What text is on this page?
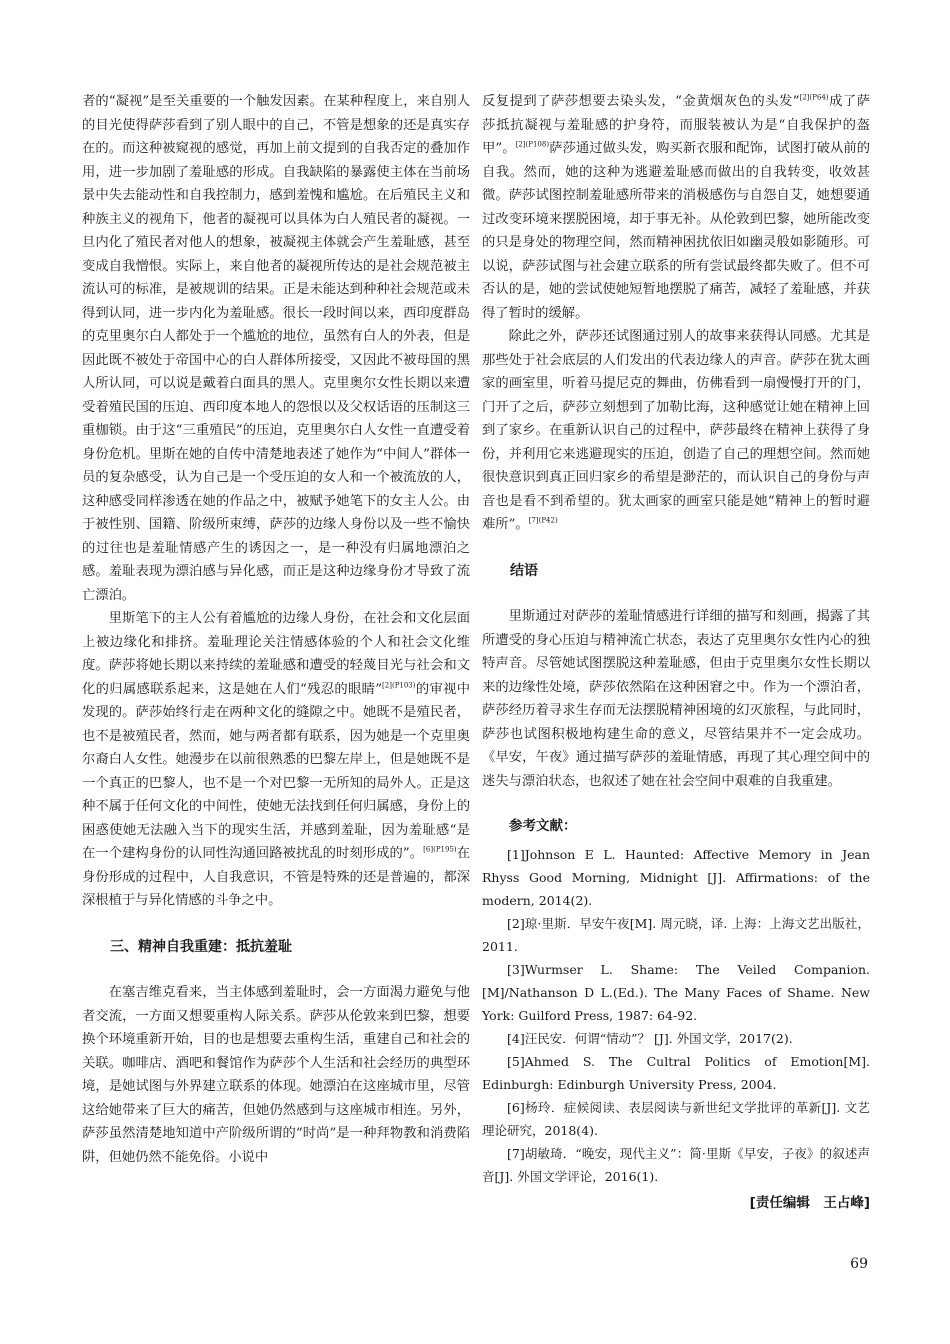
者的“凝视”是至关重要的一个触发因素。在某种程度上，来自别人的目光使得萨莎看到了别人眼中的自己，不管是想象的还是真实存在的。而这种被窥视的感觉，再加上前文提到的自我否定的叠加作用，进一步加剧了羞耻感的形成。自我缺陷的暴露使主体在当前场景中失去能动性和自我控制力，感到羞愧和尴尬。在后殖民主义和种族主义的视角下，他者的凝视可以具体为白人殖民者的凝视。一旦内化了殖民者对他人的想象，被凝视主体就会产生羞耻感，甚至变成自我憎恨。实际上，来自他者的凝视所传达的是社会规范被主流认可的标准，是被规训的结果。正是未能达到种种社会规范或未得到认同，进一步内化为羞耻感。很长一段时间以来，西印度群岛的克里奥尔白人都处于一个尴尬的地位，虽然有白人的外表，但是因此既不被处于帝国中心的白人群体所接受，又因此不被母国的黑人所认同，可以说是戴着白面具的黑人。克里奥尔女性长期以来遭受着殖民国的压迫、西印度本地人的怨恨以及父权话语的压制这三重枷锁。由于这“三重殖民”的压迫，克里奥尔白人女性一直遭受着身份危机。里斯在她的自传中清楚地表述了她作为“中间人”群体一员的复杂感受，认为自己是一个受压迫的女人和一个被流放的人，这种感受同样渗透在她的作品之中，被赋予她笔下的女主人公。由于被性别、国籍、阶级所束缚，萨莎的边缘人身份以及一些不愉快的过往也是羞耻情感产生的诱因之一，是一种没有归属地漂泊之感。羞耻表现为漂泊感与异化感，而正是这种边缘身份才导致了流亡漂泊。

里斯笔下的主人公有着尴尬的边缘人身份，在社会和文化层面上被边缘化和排挤。羞耻理论关注情感体验的个人和社会文化维度。萨莎将她长期以来持续的羞耻感和遭受的轻蔑目光与社会和文化的归属感联系起来，这是她在人们“残忍的眼睛”$^{[2](P103)}$的审视中发现的。萨莎始终行走在两种文化的缝隙之中。她既不是殖民者，也不是被殖民者，然而，她与两者都有联系，因为她是一个克里奥尔裔白人女性。她漫步在以前很熟悉的巴黎左岸上，但是她既不是一个真正的巴黎人，也不是一个对巴黎一无所知的局外人。正是这种不属于任何文化的中间性，使她无法找到任何归属感，身份上的困惑使她无法融入当下的现实生活，并感到羞耻，因为羞耻感“是在一个建构身份的认同性沟通回路被扰乱的时刻形成的”。$^{[6](P195)}$在身份形成的过程中，人自我意识，不管是特殊的还是普遍的，都深深根植于与异化情感的斗争之中。

三、精神自我重建：抵抗羞耻

在塞吉维克看来，当主体感到羞耻时，会一方面渴力避免与他者交流，一方面又想要重构人际关系。萨莎从伦敦来到巴黎，想要换个环境重新开始，目的也是想要去重构生活，重建自己和社会的关联。咖啡店、酒吧和餐馆作为萨莎个人生活和社会经历的典型环境，是她试图与外界建立联系的体现。她漂泊在这座城市里，尽管这给她带来了巨大的痛苦，但她仍然感到与这座城市相连。另外，萨莎虽然清楚地知道中产阶级所谓的“时尚”是一种拜物教和消费陷阱，但她仍然不能免俗。小说中

反复提到了萨莎想要去染头发，“金黄烟灰色的头发”$^{[2](P64)}$成了萨莎抵抗凝视与羞耻感的护身符，而服装被认为是“自我保护的盔甲”。$^{[2](P108)}$萨莎通过做头发，购买新衣服和配饰，试图打破从前的自我。然而，她的这种为逃避羞耻感而做出的自我转变，收效甚微。萨莎试图控制羞耻感所带来的消极感伤与自怨自艾，她想要通过改变环境来摆脱困境，却于事无补。从伦敦到巴黎，她所能改变的只是身处的物理空间，然而精神困扰依旧如幽灵般如影随形。可以说，萨莎试图与社会建立联系的所有尝试最终都失败了。但不可否认的是，她的尝试使她短暂地摆脱了痛苦，减轻了羞耻感，并获得了暂时的缓解。

除此之外，萨莎还试图通过别人的故事来获得认同感。尤其是那些处于社会底层的人们发出的代表边缘人的声音。萨莎在犹太画家的画室里，听着马提尼克的舞曲，仿佛看到一扇慢慢打开的门，门开了之后，萨莎立刻想到了加勒比海，这种感觉让她在精神上回到了家乡。在重新认识自己的过程中，萨莎最终在精神上获得了身份，并利用它来逃避现实的压迫，创造了自己的理想空间。然而她很快意识到真正回归家乡的希望是渺茫的，而认识自己的身份与声音也是看不到希望的。犹太画家的画室只能是她“精神上的暂时避难所”。$^{[7](P42)}$

结语

里斯通过对萨莎的羞耻情感进行详细的描写和刻画，揭露了其所遭受的身心压迫与精神流亡状态，表达了克里奥尔女性内心的独特声音。尽管她试图摆脱这种羞耻感，但由于克里奥尔女性长期以来的边缘性处境，萨莎依然陷在这种困窘之中。作为一个漂泊者，萨莎经历着寻求生存而无法摆脱精神困境的幻灭旅程，与此同时，萨莎也试图积极地构建生命的意义，尽管结果并不一定会成功。《早安，午夜》通过描写萨莎的羞耻情感，再现了其心理空间中的迷失与漂泊状态，也叙述了她在社会空间中艰难的自我重建。

参考文献：

[1]Johnson E L. Haunted: Affective Memory in Jean Rhyss Good Morning, Midnight [J]. Affirmations: of the modern, 2014(2).

[2]琼·里斯．早安午夜[M]. 周元晓，译. 上海：上海文艺出版社，2011.

[3]Wurmser L. Shame: The Veiled Companion. [M]/Nathanson D L.(Ed.). The Many Faces of Shame. New York: Guilford Press, 1987: 64-92.

[4]汪民安．何谓“情动”？ [J]. 外国文学，2017(2).

[5]Ahmed S. The Cultral Politics of Emotion[M]. Edinburgh: Edinburgh University Press, 2004.

[6]杨玲．症候阅读、表层阅读与新世纪文学批评的革新[J]. 文艺理论研究，2018(4).

[7]胡敏琦．“晚安，现代主义”：简·里斯《早安，子夜》的叙述声音[J]. 外国文学评论，2016(1).

[责任编辑　王占峰]
69
